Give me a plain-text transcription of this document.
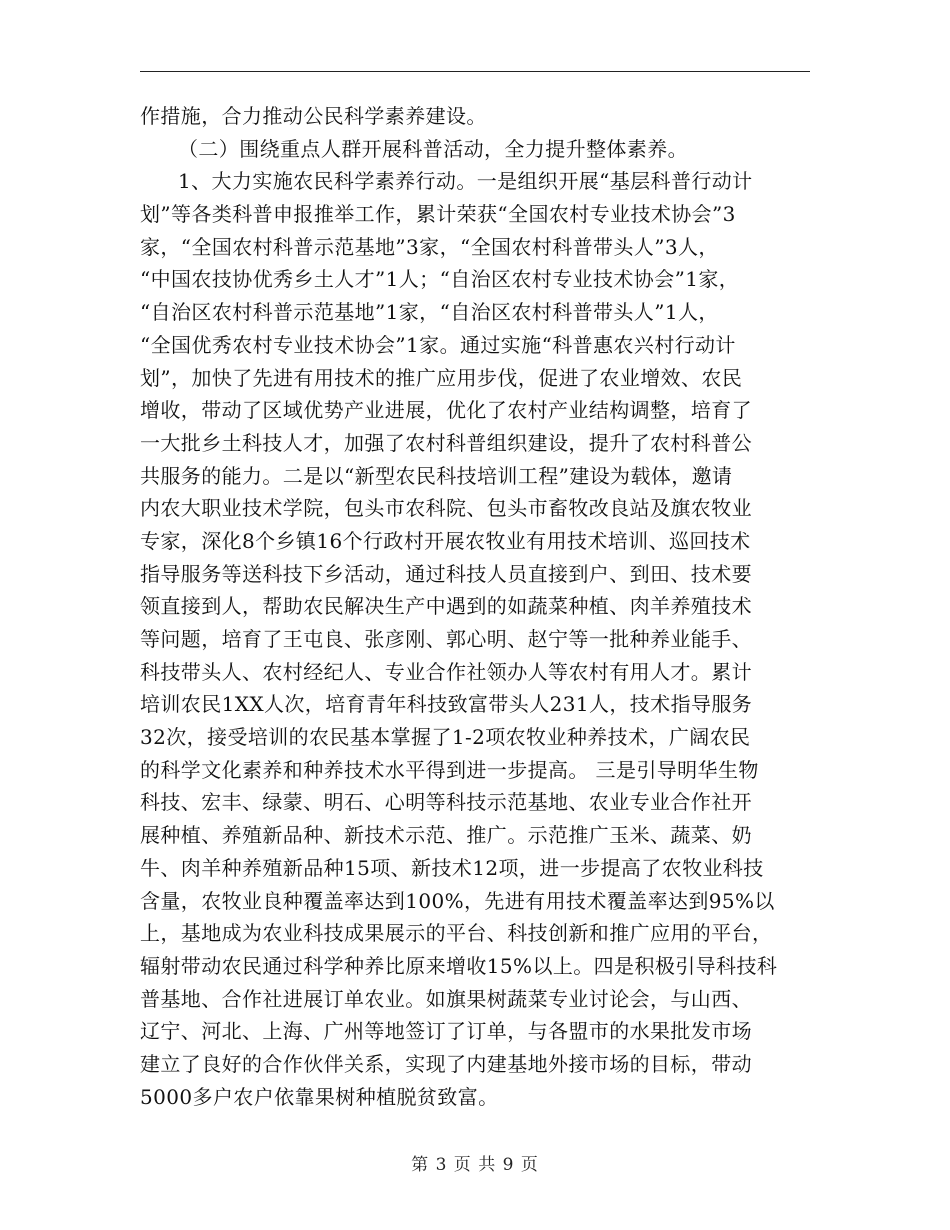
作措施，合力推动公民科学素养建设。
（二）围绕重点人群开展科普活动，全力提升整体素养。
1、大力实施农民科学素养行动。一是组织开展“基层科普行动计
划”等各类科普申报推举工作，累计荣获“全国农村专业技术协会”3
家，“全国农村科普示范基地”3家，“全国农村科普带头人”3人，
“中国农技协优秀乡土人才”1人；“自治区农村专业技术协会”1家，
“自治区农村科普示范基地”1家，“自治区农村科普带头人”1人，
“全国优秀农村专业技术协会”1家。通过实施“科普惠农兴村行动计
划”，加快了先进有用技术的推广应用步伐，促进了农业增效、农民
增收，带动了区域优势产业进展，优化了农村产业结构调整，培育了
一大批乡土科技人才，加强了农村科普组织建设，提升了农村科普公
共服务的能力。二是以“新型农民科技培训工程”建设为载体，邀请
内农大职业技术学院，包头市农科院、包头市畜牧改良站及旗农牧业
专家，深化8个乡镇16个行政村开展农牧业有用技术培训、巡回技术
指导服务等送科技下乡活动，通过科技人员直接到户、到田、技术要
领直接到人，帮助农民解决生产中遇到的如蔬菜种植、肉羊养殖技术
等问题，培育了王屯良、张彦刚、郭心明、赵宁等一批种养业能手、
科技带头人、农村经纪人、专业合作社领办人等农村有用人才。累计
培训农民1XX人次，培育青年科技致富带头人231人，技术指导服务
32次，接受培训的农民基本掌握了1-2项农牧业种养技术，广阔农民
的科学文化素养和种养技术水平得到进一步提高。 三是引导明华生物
科技、宏丰、绿蒙、明石、心明等科技示范基地、农业专业合作社开
展种植、养殖新品种、新技术示范、推广。示范推广玉米、蔬菜、奶
牛、肉羊种养殖新品种15项、新技术12项，进一步提高了农牧业科技
含量，农牧业良种覆盖率达到100%，先进有用技术覆盖率达到95%以
上，基地成为农业科技成果展示的平台、科技创新和推广应用的平台，
辐射带动农民通过科学种养比原来增收15%以上。四是积极引导科技科
普基地、合作社进展订单农业。如旗果树蔬菜专业讨论会，与山西、
辽宁、河北、上海、广州等地签订了订单，与各盟市的水果批发市场
建立了良好的合作伙伴关系，实现了内建基地外接市场的目标，带动
5000多户农户依靠果树种植脱贫致富。
第 3 页 共 9 页
